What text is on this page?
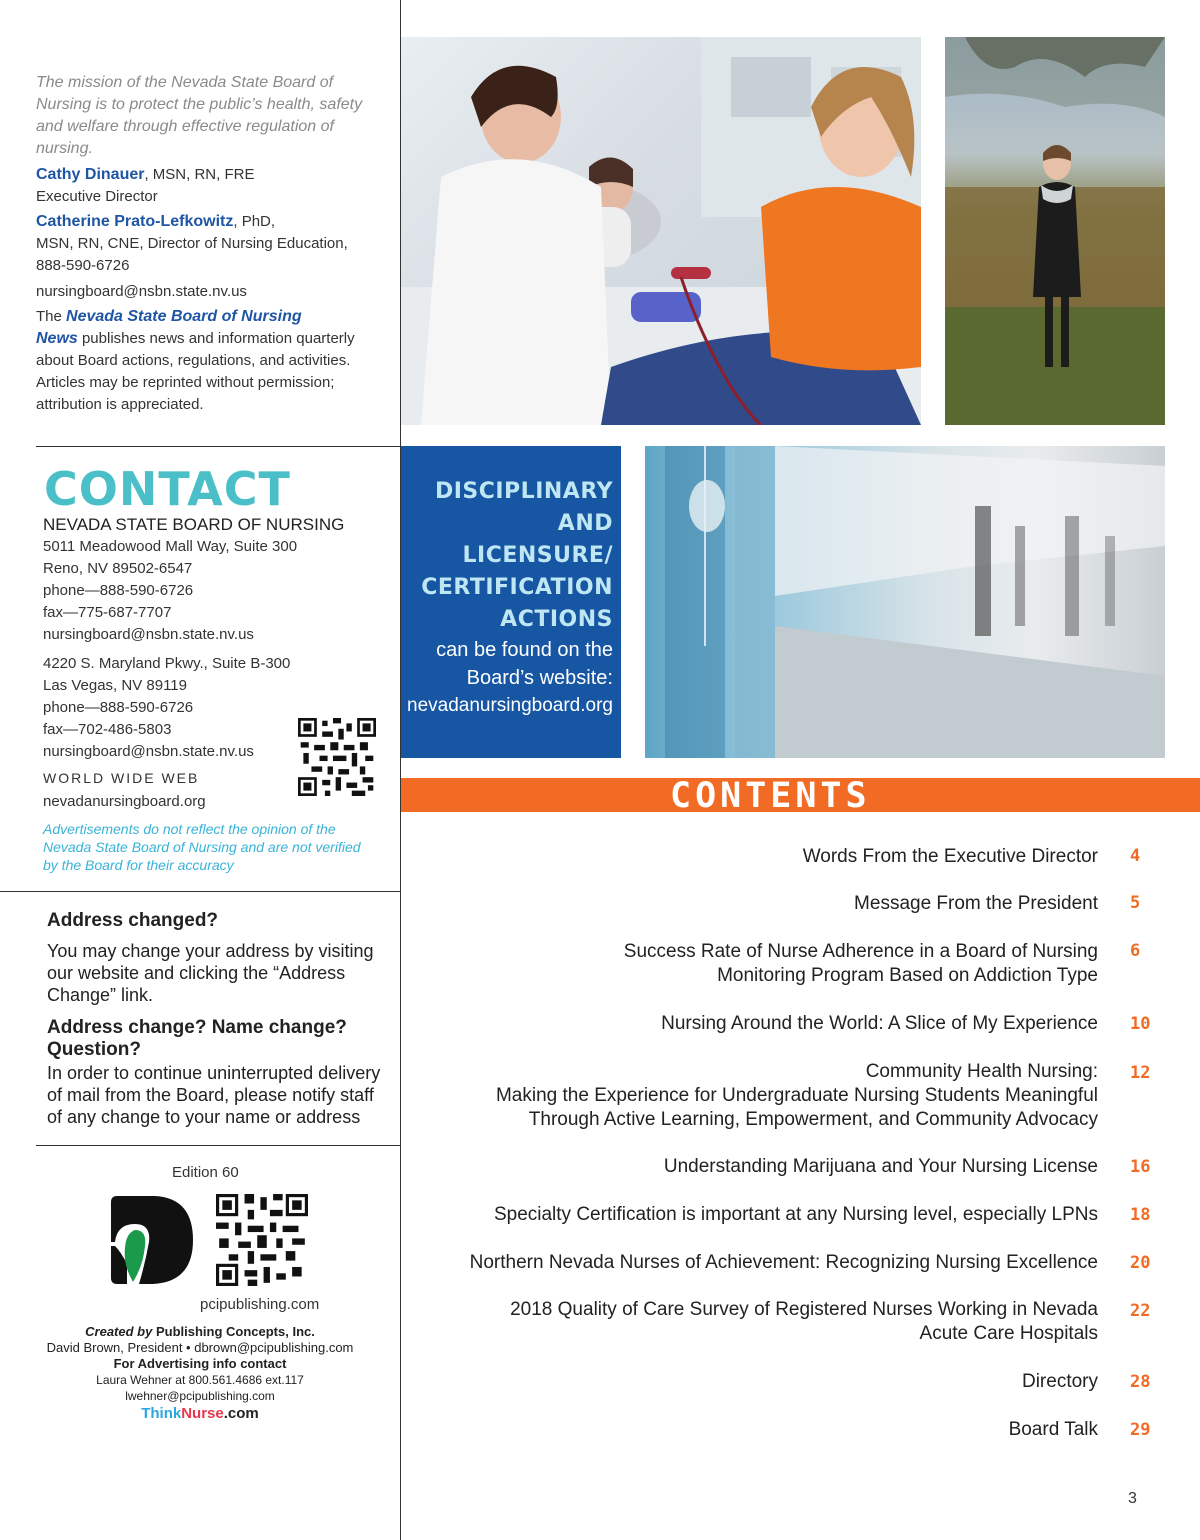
The mission of the Nevada State Board of Nursing is to protect the public’s health, safety and welfare through effective regulation of nursing.
Cathy Dinauer, MSN, RN, FRE
Executive Director
Catherine Prato-Lefkowitz, PhD,
MSN, RN, CNE, Director of Nursing Education,
888-590-6726
nursingboard@nsbn.state.nv.us
The Nevada State Board of Nursing
News publishes news and information quarterly
about Board actions, regulations, and activities.
Articles may be reprinted without permission;
attribution is appreciated.
CONTACT
NEVADA STATE BOARD OF NURSING
5011 Meadowood Mall Way, Suite 300
Reno, NV 89502-6547
phone—888-590-6726
fax—775-687-7707
nursingboard@nsbn.state.nv.us
4220 S. Maryland Pkwy., Suite B-300
Las Vegas, NV 89119
phone—888-590-6726
fax—702-486-5803
nursingboard@nsbn.state.nv.us
WORLD WIDE WEB
nevadanursingboard.org
Advertisements do not reflect the opinion of the Nevada State Board of Nursing and are not verified by the Board for their accuracy
Address changed?
You may change your address by visiting our website and clicking the “Address Change” link.
Address change? Name change? Question?
In order to continue uninterrupted delivery of mail from the Board, please notify staff of any change to your name or address
Edition 60
pcipublishing.com
Created by Publishing Concepts, Inc.
David Brown, President • dbrown@pcipublishing.com
For Advertising info contact
Laura Wehner at 800.561.4686 ext.117
lwehner@pcipublishing.com
ThinkNurse.com
DISCIPLINARY
AND
LICENSURE/
CERTIFICATION
ACTIONS
can be found on the
Board’s website:
nevadanursingboard.org
CONTENTS
Words From the Executive Director 4
Message From the President 5
Success Rate of Nurse Adherence in a Board of Nursing
Monitoring Program Based on Addiction Type
6
Nursing Around the World: A Slice of My Experience 10
Community Health Nursing:
Making the Experience for Undergraduate Nursing Students Meaningful
Through Active Learning, Empowerment, and Community Advocacy
12
Understanding Marijuana and Your Nursing License 16
Specialty Certification is important at any Nursing level, especially LPNs 18
Northern Nevada Nurses of Achievement: Recognizing Nursing Excellence 20
2018 Quality of Care Survey of Registered Nurses Working in Nevada
Acute Care Hospitals
22
Directory 28
Board Talk 29
3
